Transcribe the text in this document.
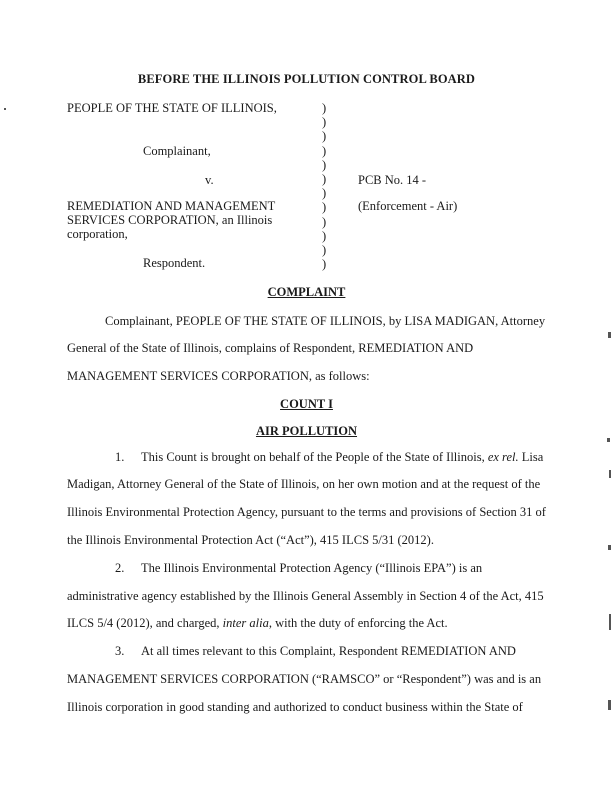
BEFORE THE ILLINOIS POLLUTION CONTROL BOARD
PEOPLE OF THE STATE OF ILLINOIS,
Complainant,
v.
REMEDIATION AND MANAGEMENT
SERVICES CORPORATION, an Illinois
corporation,
Respondent.
)
)
)
)
)
)
)
)
)
)
)
)
PCB No. 14 -
(Enforcement - Air)
COMPLAINT
Complainant, PEOPLE OF THE STATE OF ILLINOIS, by LISA MADIGAN, Attorney
General of the State of Illinois, complains of Respondent, REMEDIATION AND
MANAGEMENT SERVICES CORPORATION, as follows:
COUNT I
AIR POLLUTION
1. This Count is brought on behalf of the People of the State of Illinois, ex rel. Lisa
Madigan, Attorney General of the State of Illinois, on her own motion and at the request of the
Illinois Environmental Protection Agency, pursuant to the terms and provisions of Section 31 of
the Illinois Environmental Protection Act (“Act”), 415 ILCS 5/31 (2012).
2. The Illinois Environmental Protection Agency (“Illinois EPA”) is an
administrative agency established by the Illinois General Assembly in Section 4 of the Act, 415
ILCS 5/4 (2012), and charged, inter alia, with the duty of enforcing the Act.
3. At all times relevant to this Complaint, Respondent REMEDIATION AND
MANAGEMENT SERVICES CORPORATION (“RAMSCO” or “Respondent”) was and is an
Illinois corporation in good standing and authorized to conduct business within the State of
